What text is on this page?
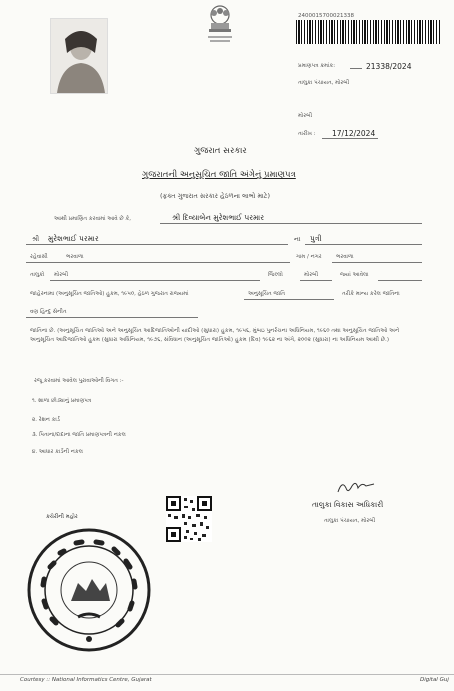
2400015700021338
પ્રમાણપત્ર ક્રમાંક:	21338/2024
તાલુકા પંચાયત, મોરબી
મોરબી
તારીખ : 17/12/2024
ગુજરાત સરકાર
ગુજરાતની અનુસૂચિત જાતિ અંગેનું પ્રમાણપત્ર
(ફક્ત ગુજરાત સરકાર હેઠળના લાભો માટે)
આથી પ્રમાણિત કરવામાં આવે છે કે,	શ્રી દિવ્યાબેન મુરેશભાઈ પરમાર
શ્રી મુરેશભાઈ પરમાર	ના પુત્રી
રહેવાસી	ભરવાળા	ગામ / નગર	ભરવાળા
તાલુકો મોરબી	જિલ્લો	મોરબી	જ્યાં આવેલા
જાહેરનામા (અનુસૂચિત જાતિઓ) હુકમ, ૧૯૫૦, હેઠળ ગુજરાત રાજ્યમાં	અનુસૂચિત જાતિ	તરીકે માન્ય કરેલ જાતિના
વણ હિન્દુ સેનીત
જાતિના છે. (અનુસૂચિત જાતિઓ અને અનુસૂચિત આદિજાતિઓની યાદીઓ (સુધારા) હુકમ, ૧૯૫૬, મુંબઇ પુનર્રચના અધિનિયમ, ૧૯૬૦ તથા અનુસૂચિત જાતિઓ અને અનુસૂચિત આદિજાતિઓ હુકમ (સુધારા અધિનિયમ, ૧૯૭૬, સંવિધાન (અનુસૂચિત જાતિઓ) હુકમ (દિવ) ૧૯૬૨ ના અંગે, ૨૦૦૨ (સુધારા) ના અધિનિયમ આથી છે.)
રજૂ કરવામાં આવેલ પુરાવાઓની વિગત :-
૧. શાળા છોડ્યાનું પ્રમાણપત્ર
૨. રેશન કાર્ડ
૩. પિતાના/દાદાના જાતિ પ્રમાણપત્રની નકલ
૪. આધાર કાર્ડની નકલ
તાલુકા વિકાસ અધિકારી
તાલુકા પંચાયત, મોરબી
ક્ચેરીની મહોર
Courtesy :: National Informatics Centre, Gujarat	Digital Guj
